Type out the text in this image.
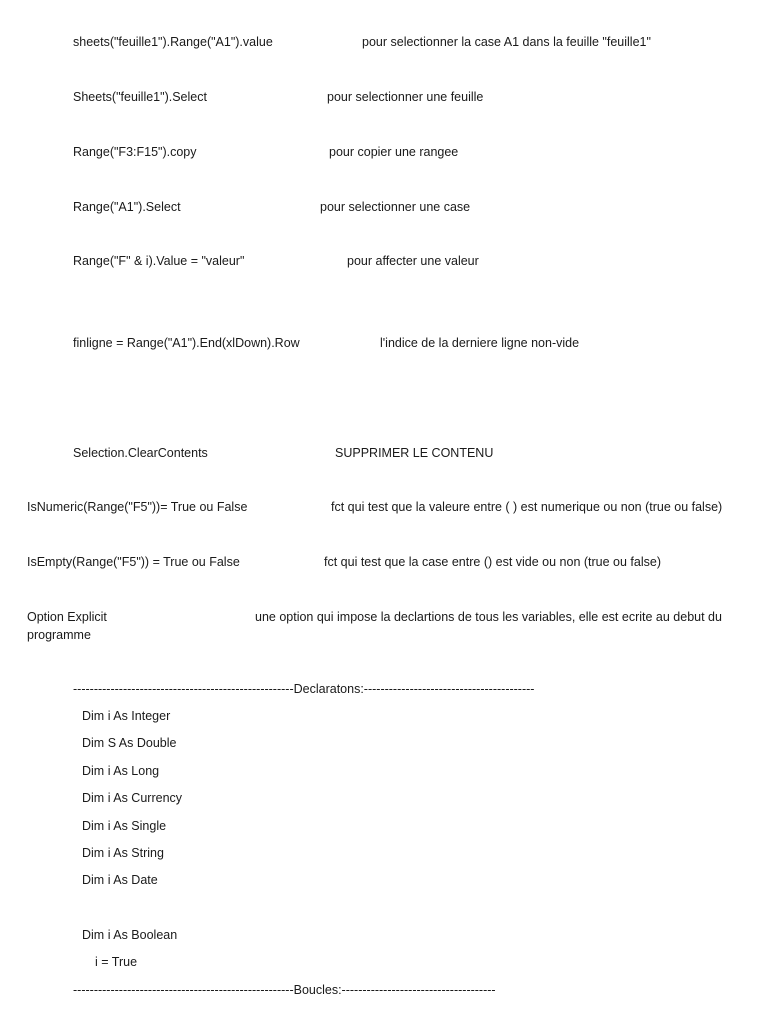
sheets("feuille1").Range("A1").value	pour selectionner la case A1 dans la feuille "feuille1"
Sheets("feuille1").Select	pour selectionner une feuille
Range("F3:F15").copy	pour copier une rangee
Range("A1").Select	pour selectionner une case
Range("F" & i).Value = "valeur"	pour affecter une valeur
finligne = Range("A1").End(xlDown).Row	l'indice de la derniere ligne non-vide
Selection.ClearContents	SUPPRIMER LE CONTENU
IsNumeric(Range("F5"))= True ou False	fct qui test que la valeure entre ( ) est numerique ou non (true ou false)
IsEmpty(Range("F5")) = True ou False	fct qui test que la case entre () est vide ou non (true ou false)
Option Explicit	une option qui impose la declartions de tous les variables, elle est ecrite au debut du
programme
-----------------------------------------------------Declaratons:-----------------------------------------
Dim i As Integer
Dim S As Double
Dim i As Long
Dim i As Currency
Dim i As Single
Dim i As String
Dim i As Date
Dim i As Boolean
i = True
-----------------------------------------------------Boucles:-------------------------------------
